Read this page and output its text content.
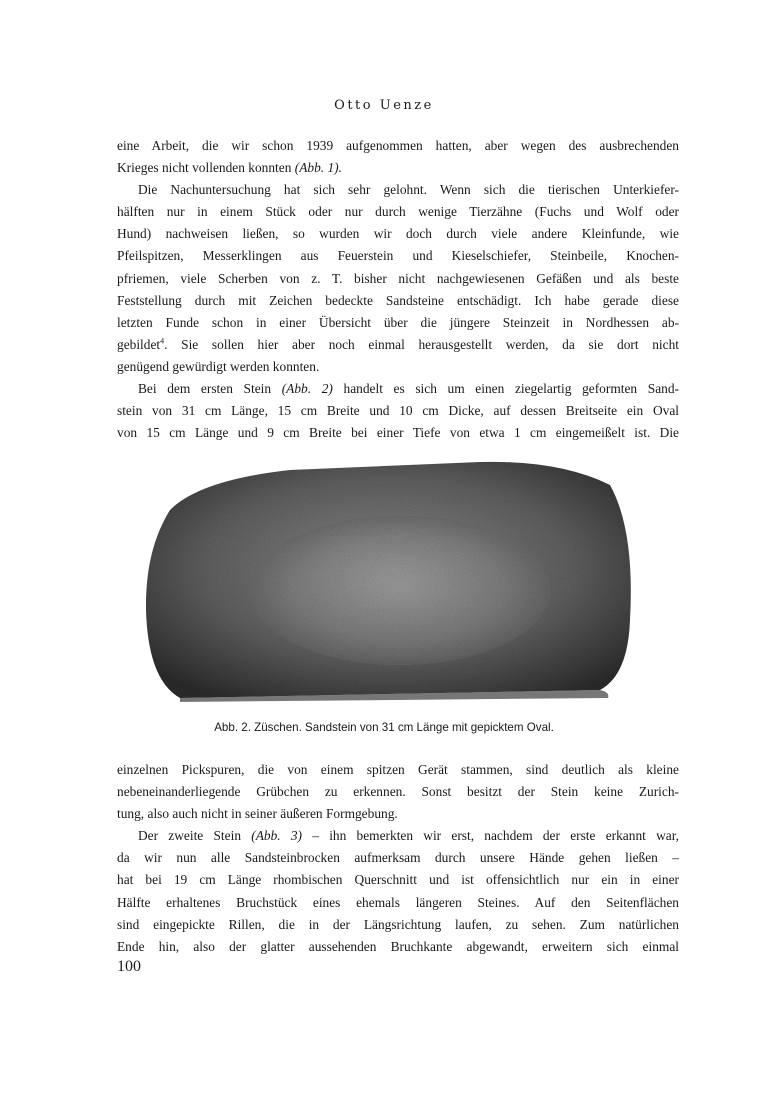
Otto Uenze
eine Arbeit, die wir schon 1939 aufgenommen hatten, aber wegen des ausbrechenden
Krieges nicht vollenden konnten (Abb. 1).
Die Nachuntersuchung hat sich sehr gelohnt. Wenn sich die tierischen Unterkiefer-
hälften nur in einem Stück oder nur durch wenige Tierzähne (Fuchs und Wolf oder
Hund) nachweisen ließen, so wurden wir doch durch viele andere Kleinfunde, wie
Pfeilspitzen, Messerklingen aus Feuerstein und Kieselschiefer, Steinbeile, Knochen-
pfriemen, viele Scherben von z. T. bisher nicht nachgewiesenen Gefäßen und als beste
Feststellung durch mit Zeichen bedeckte Sandsteine entschädigt. Ich habe gerade diese
letzten Funde schon in einer Übersicht über die jüngere Steinzeit in Nordhessen ab-
gebildet$^4$. Sie sollen hier aber noch einmal herausgestellt werden, da sie dort nicht
genügend gewürdigt werden konnten.
Bei dem ersten Stein (Abb. 2) handelt es sich um einen ziegelartig geformten Sand-
stein von 31 cm Länge, 15 cm Breite und 10 cm Dicke, auf dessen Breitseite ein Oval
von 15 cm Länge und 9 cm Breite bei einer Tiefe von etwa 1 cm eingemeißelt ist. Die
Abb. 2. Züschen. Sandstein von 31 cm Länge mit gepicktem Oval.
einzelnen Pickspuren, die von einem spitzen Gerät stammen, sind deutlich als kleine
nebeneinanderliegende Grübchen zu erkennen. Sonst besitzt der Stein keine Zurich-
tung, also auch nicht in seiner äußeren Formgebung.
Der zweite Stein (Abb. 3) – ihn bemerkten wir erst, nachdem der erste erkannt war,
da wir nun alle Sandsteinbrocken aufmerksam durch unsere Hände gehen ließen –
hat bei 19 cm Länge rhombischen Querschnitt und ist offensichtlich nur ein in einer
Hälfte erhaltenes Bruchstück eines ehemals längeren Steines. Auf den Seitenflächen
sind eingepickte Rillen, die in der Längsrichtung laufen, zu sehen. Zum natürlichen
Ende hin, also der glatter aussehenden Bruchkante abgewandt, erweitern sich einmal
100
